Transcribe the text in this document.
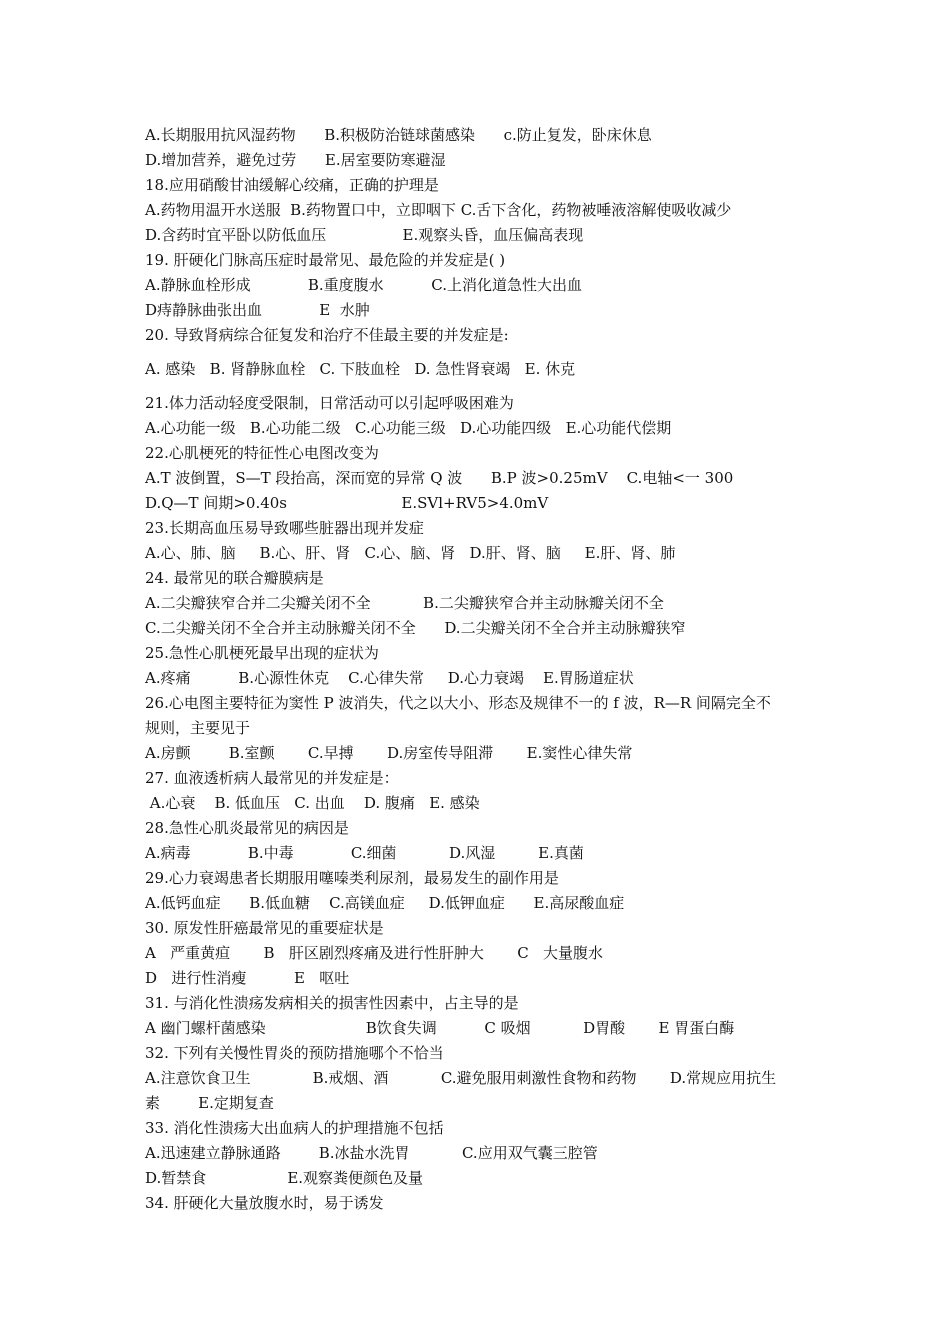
A.长期服用抗风湿药物      B.积极防治链球菌感染      c.防止复发，卧床休息
D.增加营养，避免过劳      E.居室要防寒避湿
18.应用硝酸甘油缓解心绞痛，正确的护理是
A.药物用温开水送服  B.药物置口中，立即咽下 C.舌下含化，药物被唾液溶解使吸收减少
D.含药时宜平卧以防低血压                E.观察头昏，血压偏高表现
19. 肝硬化门脉高压症时最常见、最危险的并发症是( )
A.静脉血栓形成            B.重度腹水          C.上消化道急性大出血
D痔静脉曲张出血            E  水肿
20. 导致肾病综合征复发和治疗不佳最主要的并发症是:
A. 感染   B. 肾静脉血栓   C. 下肢血栓   D. 急性肾衰竭   E. 休克
21.体力活动轻度受限制，日常活动可以引起呼吸困难为
A.心功能一级   B.心功能二级   C.心功能三级   D.心功能四级   E.心功能代偿期
22.心肌梗死的特征性心电图改变为
A.T 波倒置，S—T 段抬高，深而宽的异常 Q 波      B.P 波>0.25mV    C.电轴<一 300
D.Q—T 间期>0.40s                        E.SVl+RV5>4.0mV
23.长期高血压易导致哪些脏器出现并发症
A.心、肺、脑     B.心、肝、肾   C.心、脑、肾   D.肝、肾、脑     E.肝、肾、肺
24. 最常见的联合瓣膜病是
A.二尖瓣狭窄合并二尖瓣关闭不全           B.二尖瓣狭窄合并主动脉瓣关闭不全
C.二尖瓣关闭不全合并主动脉瓣关闭不全      D.二尖瓣关闭不全合并主动脉瓣狭窄
25.急性心肌梗死最早出现的症状为
A.疼痛          B.心源性休克    C.心律失常     D.心力衰竭    E.胃肠道症状
26.心电图主要特征为窦性 P 波消失，代之以大小、形态及规律不一的 f 波，R—R 间隔完全不
规则，主要见于
A.房颤        B.室颤       C.早搏       D.房室传导阻滞       E.窦性心律失常
27. 血液透析病人最常见的并发症是：
A.心衰    B. 低血压   C. 出血    D. 腹痛   E. 感染
28.急性心肌炎最常见的病因是
A.病毒            B.中毒            C.细菌           D.风湿         E.真菌
29.心力衰竭患者长期服用噻嗪类利尿剂，最易发生的副作用是
A.低钙血症      B.低血糖    C.高镁血症     D.低钾血症      E.高尿酸血症
30. 原发性肝癌最常见的重要症状是
A   严重黄疸       B   肝区剧烈疼痛及进行性肝肿大       C   大量腹水
D   进行性消瘦          E   呕吐
31. 与消化性溃疡发病相关的损害性因素中，占主导的是
A 幽门螺杆菌感染                     B饮食失调          C 吸烟           D胃酸       E 胃蛋白酶
32. 下列有关慢性胃炎的预防措施哪个不恰当
A.注意饮食卫生             B.戒烟、酒           C.避免服用刺激性食物和药物       D.常规应用抗生
素        E.定期复查
33. 消化性溃疡大出血病人的护理措施不包括
A.迅速建立静脉通路        B.冰盐水洗胃           C.应用双气囊三腔管
D.暂禁食                 E.观察粪便颜色及量
34. 肝硬化大量放腹水时，易于诱发
